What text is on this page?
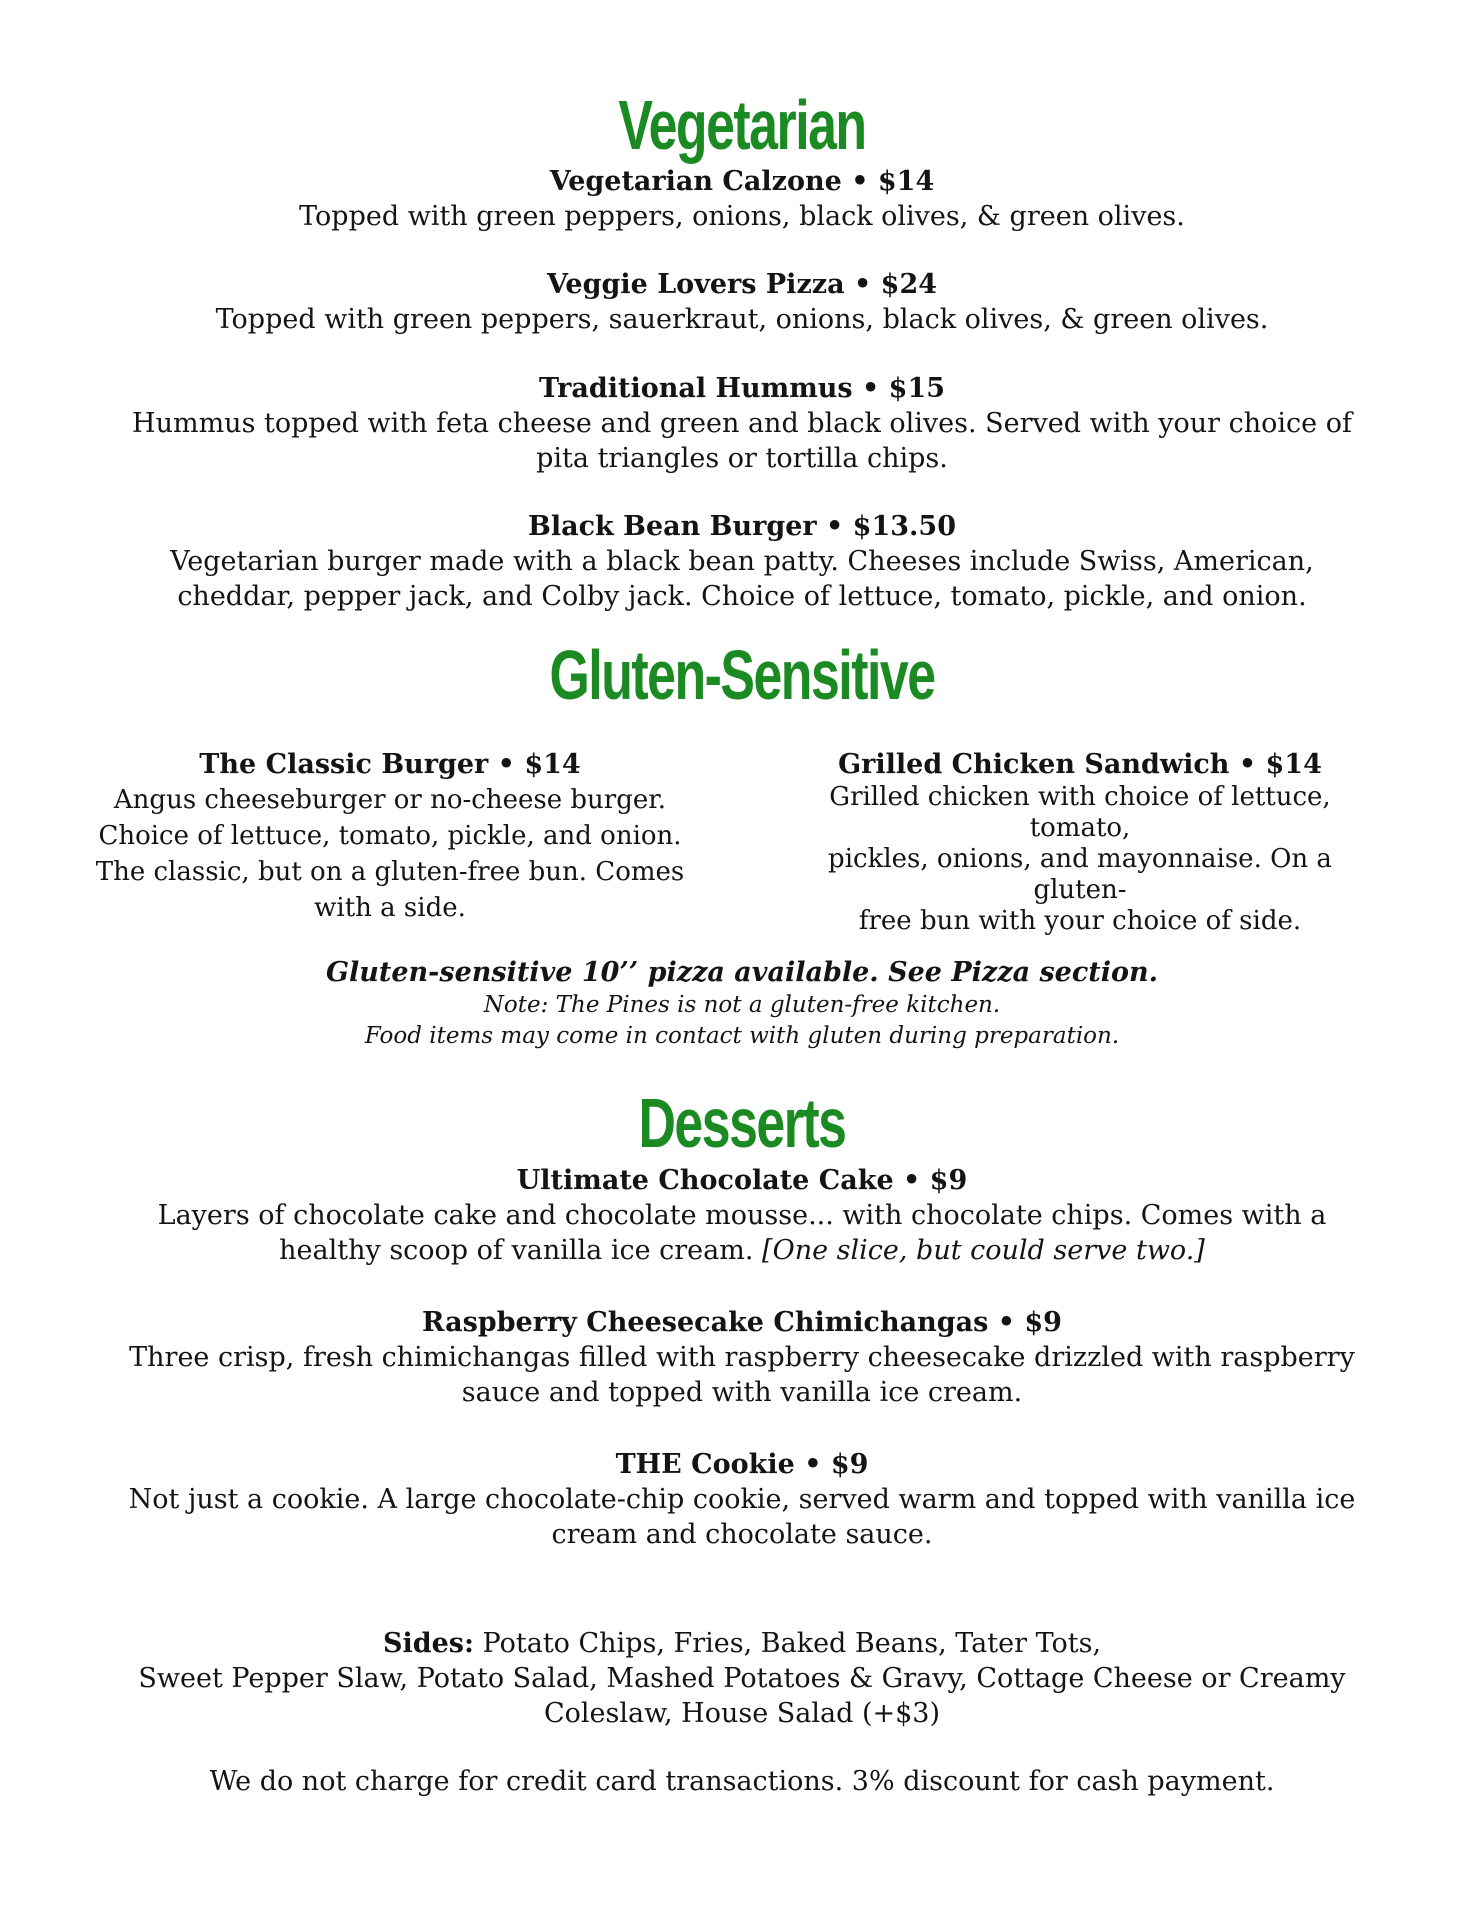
Vegetarian

Vegetarian Calzone • $14

Topped with green peppers, onions, black olives, & green olives.

Veggie Lovers Pizza • $24

Topped with green peppers, sauerkraut, onions, black olives, & green olives.

Traditional Hummus • $15

Hummus topped with feta cheese and green and black olives. Served with your choice of

pita triangles or tortilla chips.

Black Bean Burger • $13.50

Vegetarian burger made with a black bean patty. Cheeses include Swiss, American,

cheddar, pepper jack, and Colby jack. Choice of lettuce, tomato, pickle, and onion.

Gluten-Sensitive

The Classic Burger • $14

Angus cheeseburger or no-cheese burger.

Choice of lettuce, tomato, pickle, and onion.

The classic, but on a gluten-free bun. Comes

with a side.

Grilled Chicken Sandwich • $14

Grilled chicken with choice of lettuce, tomato,

pickles, onions, and mayonnaise. On a gluten-

free bun with your choice of side.

Gluten-sensitive 10’’ pizza available. See Pizza section.

Note: The Pines is not a gluten-free kitchen.

Food items may come in contact with gluten during preparation.

Desserts

Ultimate Chocolate Cake • $9

Layers of chocolate cake and chocolate mousse... with chocolate chips. Comes with a

healthy scoop of vanilla ice cream. [One slice, but could serve two.]

Raspberry Cheesecake Chimichangas • $9

Three crisp, fresh chimichangas filled with raspberry cheesecake drizzled with raspberry

sauce and topped with vanilla ice cream.

THE Cookie • $9

Not just a cookie. A large chocolate-chip cookie, served warm and topped with vanilla ice

cream and chocolate sauce.

Sides: Potato Chips, Fries, Baked Beans, Tater Tots,

Sweet Pepper Slaw, Potato Salad, Mashed Potatoes & Gravy, Cottage Cheese or Creamy

Coleslaw, House Salad (+$3)

We do not charge for credit card transactions. 3% discount for cash payment.
